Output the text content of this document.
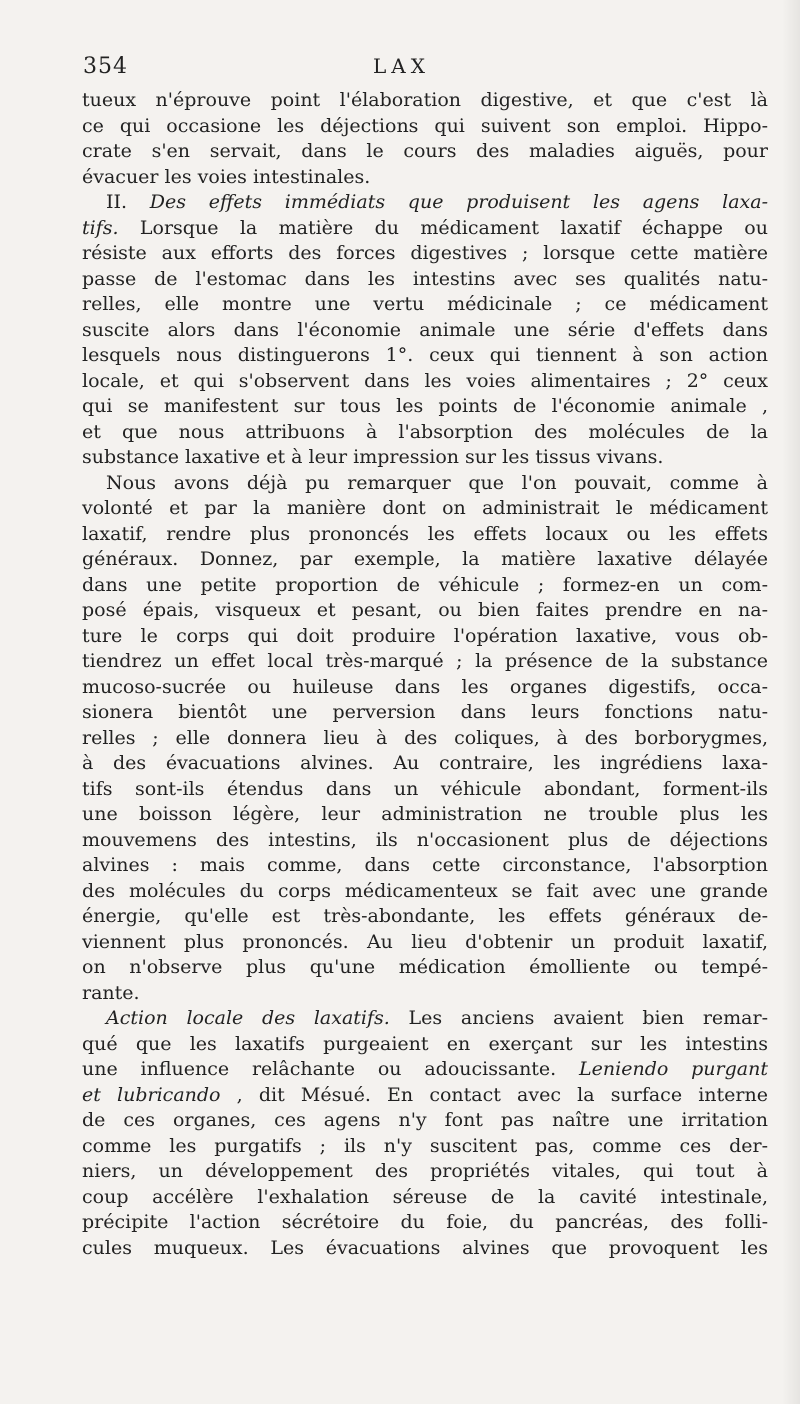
354	LAX
tueux n'éprouve point l'élaboration digestive, et que c'est là
ce qui occasione les déjections qui suivent son emploi. Hippo-
crate s'en servait, dans le cours des maladies aiguës, pour
évacuer les voies intestinales.
II. Des effets immédiats que produisent les agens laxa-
tifs. Lorsque la matière du médicament laxatif échappe ou
résiste aux efforts des forces digestives ; lorsque cette matière
passe de l'estomac dans les intestins avec ses qualités natu-
relles, elle montre une vertu médicinale ; ce médicament
suscite alors dans l'économie animale une série d'effets dans
lesquels nous distinguerons 1°. ceux qui tiennent à son action
locale, et qui s'observent dans les voies alimentaires ; 2° ceux
qui se manifestent sur tous les points de l'économie animale ,
et que nous attribuons à l'absorption des molécules de la
substance laxative et à leur impression sur les tissus vivans.
Nous avons déjà pu remarquer que l'on pouvait, comme à
volonté et par la manière dont on administrait le médicament
laxatif, rendre plus prononcés les effets locaux ou les effets
généraux. Donnez, par exemple, la matière laxative délayée
dans une petite proportion de véhicule ; formez-en un com-
posé épais, visqueux et pesant, ou bien faites prendre en na-
ture le corps qui doit produire l'opération laxative, vous ob-
tiendrez un effet local très-marqué ; la présence de la substance
mucoso-sucrée ou huileuse dans les organes digestifs, occa-
sionera bientôt une perversion dans leurs fonctions natu-
relles ; elle donnera lieu à des coliques, à des borborygmes,
à des évacuations alvines. Au contraire, les ingrédiens laxa-
tifs sont-ils étendus dans un véhicule abondant, forment-ils
une boisson légère, leur administration ne trouble plus les
mouvemens des intestins, ils n'occasionent plus de déjections
alvines : mais comme, dans cette circonstance, l'absorption
des molécules du corps médicamenteux se fait avec une grande
énergie, qu'elle est très-abondante, les effets généraux de-
viennent plus prononcés. Au lieu d'obtenir un produit laxatif,
on n'observe plus qu'une médication émolliente ou tempé-
rante.
Action locale des laxatifs. Les anciens avaient bien remar-
qué que les laxatifs purgeaient en exerçant sur les intestins
une influence relâchante ou adoucissante. Leniendo purgant
et lubricando , dit Mésué. En contact avec la surface interne
de ces organes, ces agens n'y font pas naître une irritation
comme les purgatifs ; ils n'y suscitent pas, comme ces der-
niers, un développement des propriétés vitales, qui tout à
coup accélère l'exhalation séreuse de la cavité intestinale,
précipite l'action sécrétoire du foie, du pancréas, des folli-
cules muqueux. Les évacuations alvines que provoquent les
